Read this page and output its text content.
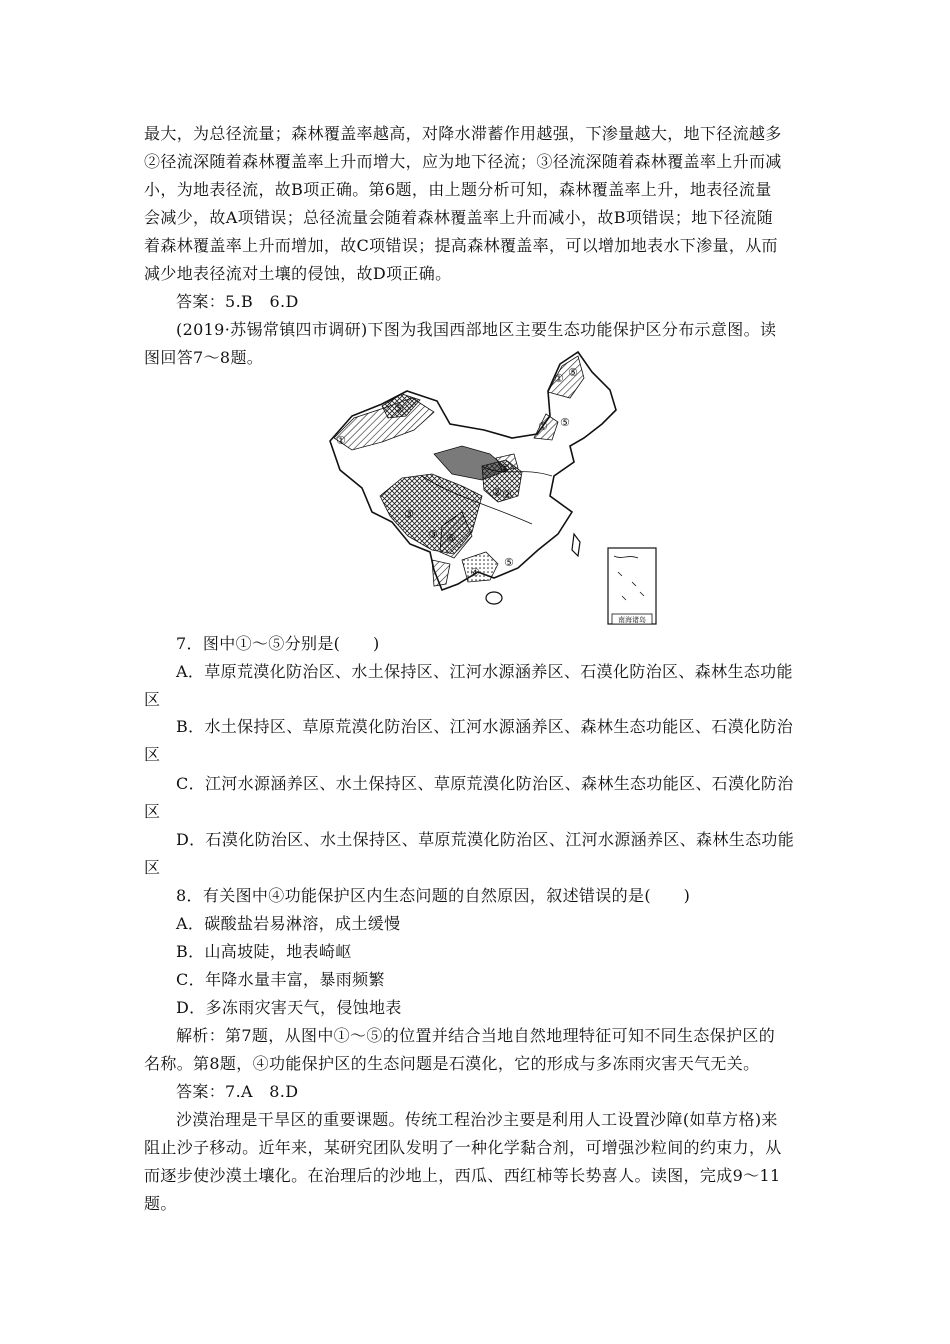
最大，为总径流量；森林覆盖率越高，对降水滞蓄作用越强，下渗量越大，地下径流越多
②径流深随着森林覆盖率上升而增大，应为地下径流；③径流深随着森林覆盖率上升而减
小，为地表径流，故B项正确。第6题，由上题分析可知，森林覆盖率上升，地表径流量
会减少，故A项错误；总径流量会随着森林覆盖率上升而减小，故B项错误；地下径流随
着森林覆盖率上升而增加，故C项错误；提高森林覆盖率，可以增加地表水下渗量，从而
减少地表径流对土壤的侵蚀，故D项正确。
答案：5.B　6.D
(2019·苏锡常镇四市调研)下图为我国西部地区主要生态功能保护区分布示意图。读
图回答7～8题。
①
②
③
④
⑤
① ⑤
① ⑤
③ ⑤
①
②
⑤
南海诸岛
7．图中①～⑤分别是(　　)
A．草原荒漠化防治区、水土保持区、江河水源涵养区、石漠化防治区、森林生态功能
区
B．水土保持区、草原荒漠化防治区、江河水源涵养区、森林生态功能区、石漠化防治
区
C．江河水源涵养区、水土保持区、草原荒漠化防治区、森林生态功能区、石漠化防治
区
D．石漠化防治区、水土保持区、草原荒漠化防治区、江河水源涵养区、森林生态功能
区
8．有关图中④功能保护区内生态问题的自然原因，叙述错误的是(　　)
A．碳酸盐岩易淋溶，成土缓慢
B．山高坡陡，地表崎岖
C．年降水量丰富，暴雨频繁
D．多冻雨灾害天气，侵蚀地表
解析：第7题，从图中①～⑤的位置并结合当地自然地理特征可知不同生态保护区的
名称。第8题，④功能保护区的生态问题是石漠化，它的形成与多冻雨灾害天气无关。
答案：7.A　8.D
沙漠治理是干旱区的重要课题。传统工程治沙主要是利用人工设置沙障(如草方格)来
阻止沙子移动。近年来，某研究团队发明了一种化学黏合剂，可增强沙粒间的约束力，从
而逐步使沙漠土壤化。在治理后的沙地上，西瓜、西红柿等长势喜人。读图，完成9～11
题。
